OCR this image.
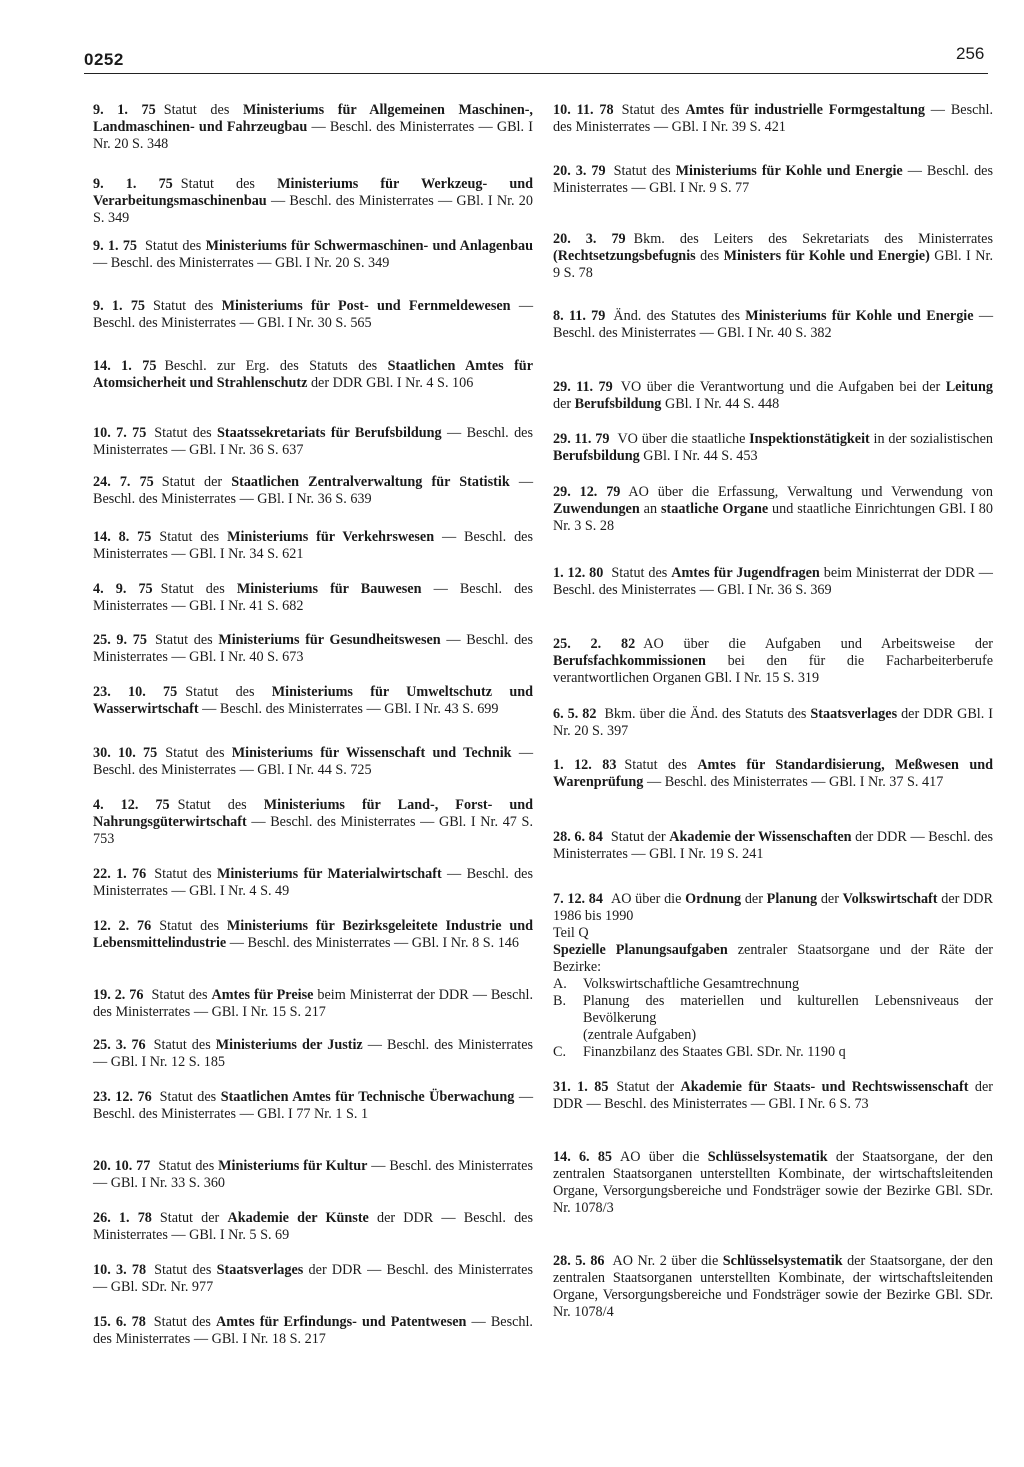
0252	256
9. 1. 75 Statut des Ministeriums für Allgemeinen Maschinen-, Landmaschinen- und Fahrzeugbau — Beschl. des Ministerrates — GBl. I Nr. 20 S. 348
9. 1. 75 Statut des Ministeriums für Werkzeug- und Verarbeitungsmaschinenbau — Beschl. des Ministerrates — GBl. I Nr. 20 S. 349
9. 1. 75 Statut des Ministeriums für Schwermaschinen- und Anlagenbau — Beschl. des Ministerrates — GBl. I Nr. 20 S. 349
9. 1. 75 Statut des Ministeriums für Post- und Fernmeldewesen — Beschl. des Ministerrates — GBl. I Nr. 30 S. 565
14. 1. 75 Beschl. zur Erg. des Statuts des Staatlichen Amtes für Atomsicherheit und Strahlenschutz der DDR GBl. I Nr. 4 S. 106
10. 7. 75 Statut des Staatssekretariats für Berufsbildung — Beschl. des Ministerrates — GBl. I Nr. 36 S. 637
24. 7. 75 Statut der Staatlichen Zentralverwaltung für Statistik — Beschl. des Ministerrates — GBl. I Nr. 36 S. 639
14. 8. 75 Statut des Ministeriums für Verkehrswesen — Beschl. des Ministerrates — GBl. I Nr. 34 S. 621
4. 9. 75 Statut des Ministeriums für Bauwesen — Beschl. des Ministerrates — GBl. I Nr. 41 S. 682
25. 9. 75 Statut des Ministeriums für Gesundheitswesen — Beschl. des Ministerrates — GBl. I Nr. 40 S. 673
23. 10. 75 Statut des Ministeriums für Umweltschutz und Wasserwirtschaft — Beschl. des Ministerrates — GBl. I Nr. 43 S. 699
30. 10. 75 Statut des Ministeriums für Wissenschaft und Technik — Beschl. des Ministerrates — GBl. I Nr. 44 S. 725
4. 12. 75 Statut des Ministeriums für Land-, Forst- und Nahrungsgüterwirtschaft — Beschl. des Ministerrates — GBl. I Nr. 47 S. 753
22. 1. 76 Statut des Ministeriums für Materialwirtschaft — Beschl. des Ministerrates — GBl. I Nr. 4 S. 49
12. 2. 76 Statut des Ministeriums für Bezirksgeleitete Industrie und Lebensmittelindustrie — Beschl. des Ministerrates — GBl. I Nr. 8 S. 146
19. 2. 76 Statut des Amtes für Preise beim Ministerrat der DDR — Beschl. des Ministerrates — GBl. I Nr. 15 S. 217
25. 3. 76 Statut des Ministeriums der Justiz — Beschl. des Ministerrates — GBl. I Nr. 12 S. 185
23. 12. 76 Statut des Staatlichen Amtes für Technische Überwachung — Beschl. des Ministerrates — GBl. I 77 Nr. 1 S. 1
20. 10. 77 Statut des Ministeriums für Kultur — Beschl. des Ministerrates — GBl. I Nr. 33 S. 360
26. 1. 78 Statut der Akademie der Künste der DDR — Beschl. des Ministerrates — GBl. I Nr. 5 S. 69
10. 3. 78 Statut des Staatsverlages der DDR — Beschl. des Ministerrates — GBl. SDr. Nr. 977
15. 6. 78 Statut des Amtes für Erfindungs- und Patentwesen — Beschl. des Ministerrates — GBl. I Nr. 18 S. 217
10. 11. 78 Statut des Amtes für industrielle Formgestaltung — Beschl. des Ministerrates — GBl. I Nr. 39 S. 421
20. 3. 79 Statut des Ministeriums für Kohle und Energie — Beschl. des Ministerrates — GBl. I Nr. 9 S. 77
20. 3. 79 Bkm. des Leiters des Sekretariats des Ministerrates (Rechtsetzungsbefugnis des Ministers für Kohle und Energie) GBl. I Nr. 9 S. 78
8. 11. 79 Änd. des Statutes des Ministeriums für Kohle und Energie — Beschl. des Ministerrates — GBl. I Nr. 40 S. 382
29. 11. 79 VO über die Verantwortung und die Aufgaben bei der Leitung der Berufsbildung GBl. I Nr. 44 S. 448
29. 11. 79 VO über die staatliche Inspektionstätigkeit in der sozialistischen Berufsbildung GBl. I Nr. 44 S. 453
29. 12. 79 AO über die Erfassung, Verwaltung und Verwendung von Zuwendungen an staatliche Organe und staatliche Einrichtungen GBl. I 80 Nr. 3 S. 28
1. 12. 80 Statut des Amtes für Jugendfragen beim Ministerrat der DDR — Beschl. des Ministerrates — GBl. I Nr. 36 S. 369
25. 2. 82 AO über die Aufgaben und Arbeitsweise der Berufsfachkommissionen bei den für die Facharbeiterberufe verantwortlichen Organen GBl. I Nr. 15 S. 319
6. 5. 82 Bkm. über die Änd. des Statuts des Staatsverlages der DDR GBl. I Nr. 20 S. 397
1. 12. 83 Statut des Amtes für Standardisierung, Meßwesen und Warenprüfung — Beschl. des Ministerrates — GBl. I Nr. 37 S. 417
28. 6. 84 Statut der Akademie der Wissenschaften der DDR — Beschl. des Ministerrates — GBl. I Nr. 19 S. 241
7. 12. 84 AO über die Ordnung der Planung der Volkswirtschaft der DDR 1986 bis 1990
31. 1. 85 Statut der Akademie für Staats- und Rechtswissenschaft der DDR — Beschl. des Ministerrates — GBl. I Nr. 6 S. 73
14. 6. 85 AO über die Schlüsselsystematik der Staatsorgane, der den zentralen Staatsorganen unterstellten Kombinate, der wirtschaftsleitenden Organe, Versorgungsbereiche und Fondsträger sowie der Bezirke GBl. SDr. Nr. 1078/3
28. 5. 86 AO Nr. 2 über die Schlüsselsystematik der Staatsorgane, der den zentralen Staatsorganen unterstellten Kombinate, der wirtschaftsleitenden Organe, Versorgungsbereiche und Fondsträger sowie der Bezirke GBl. SDr. Nr. 1078/4
Teil Q
Spezielle Planungsaufgaben zentraler Staatsorgane und der Räte der Bezirke:
A.	Volkswirtschaftliche Gesamtrechnung
B.	Planung des materiellen und kulturellen Lebensniveaus der Bevölkerung
(zentrale Aufgaben)
C.	Finanzbilanz des Staates GBl. SDr. Nr. 1190 q
